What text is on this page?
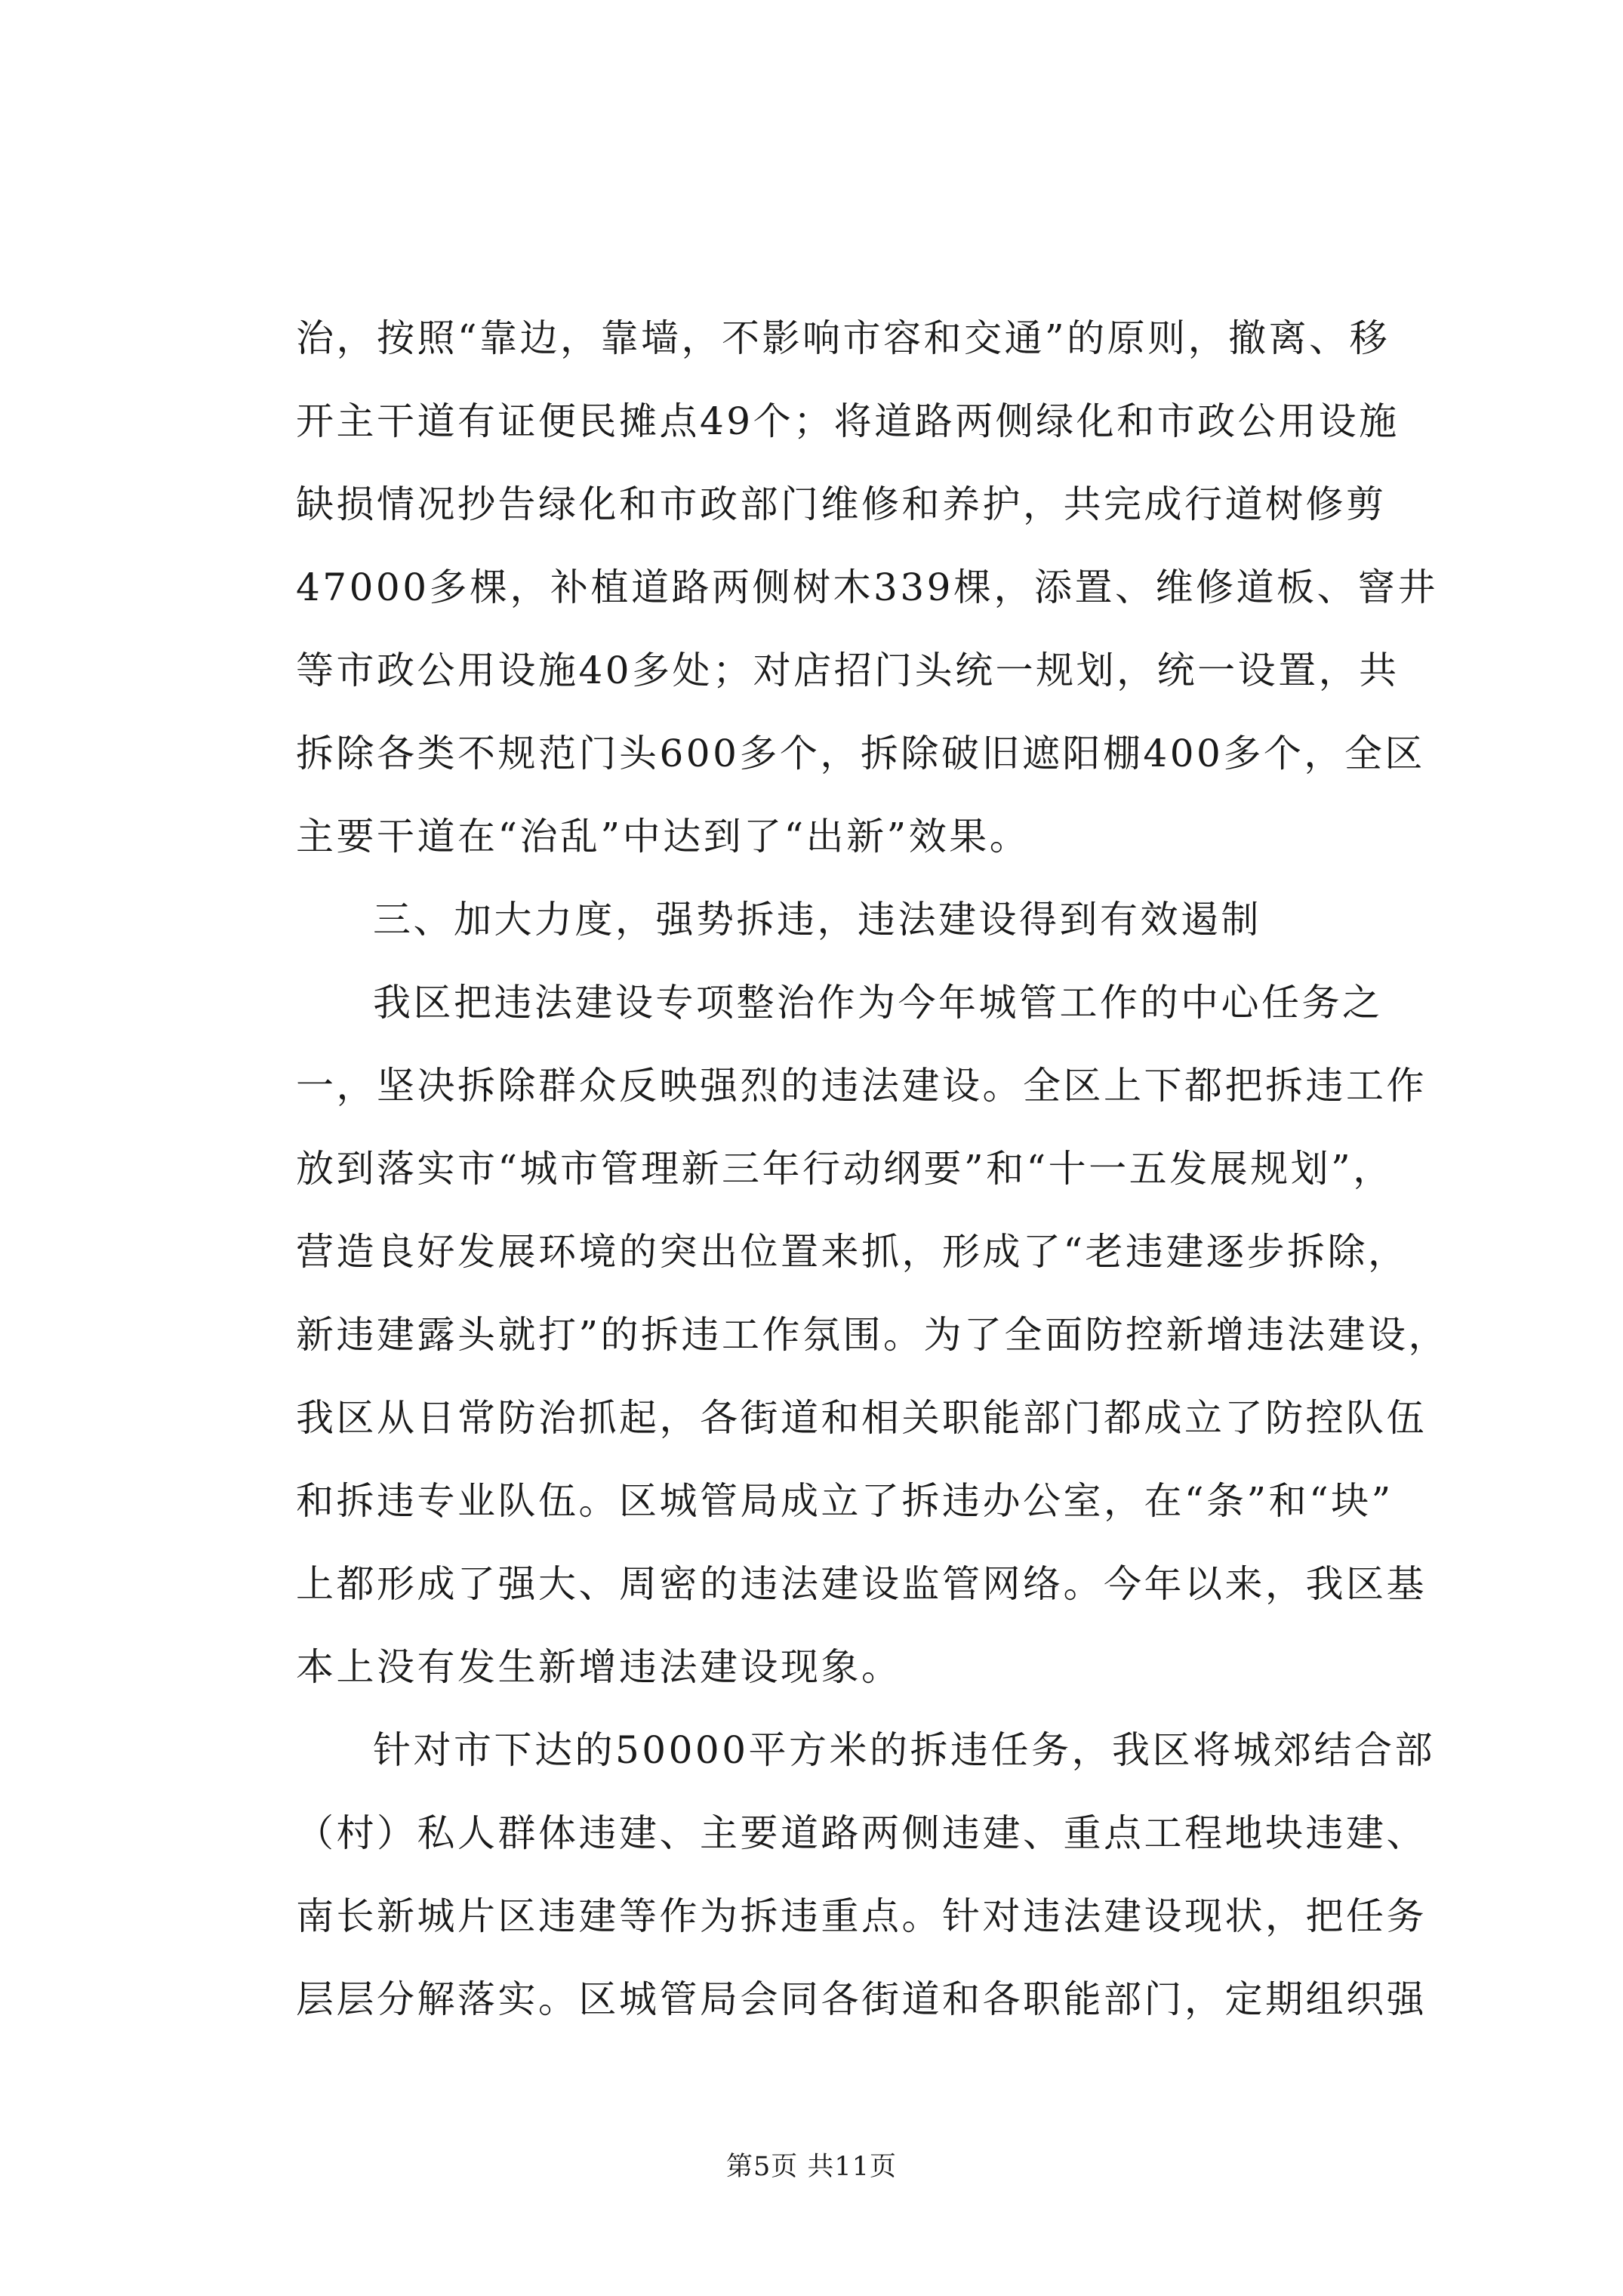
治，按照“靠边，靠墙，不影响市容和交通”的原则，撤离、移
开主干道有证便民摊点49个；将道路两侧绿化和市政公用设施
缺损情况抄告绿化和市政部门维修和养护，共完成行道树修剪
47000多棵，补植道路两侧树木339棵，添置、维修道板、窨井
等市政公用设施40多处；对店招门头统一规划，统一设置，共
拆除各类不规范门头600多个，拆除破旧遮阳棚400多个，全区
主要干道在“治乱”中达到了“出新”效果。
三、加大力度，强势拆违，违法建设得到有效遏制
我区把违法建设专项整治作为今年城管工作的中心任务之
一，坚决拆除群众反映强烈的违法建设。全区上下都把拆违工作
放到落实市“城市管理新三年行动纲要”和“十一五发展规划”，
营造良好发展环境的突出位置来抓，形成了“老违建逐步拆除，
新违建露头就打”的拆违工作氛围。为了全面防控新增违法建设，
我区从日常防治抓起，各街道和相关职能部门都成立了防控队伍
和拆违专业队伍。区城管局成立了拆违办公室，在“条”和“块”
上都形成了强大、周密的违法建设监管网络。今年以来，我区基
本上没有发生新增违法建设现象。
针对市下达的50000平方米的拆违任务，我区将城郊结合部
（村）私人群体违建、主要道路两侧违建、重点工程地块违建、
南长新城片区违建等作为拆违重点。针对违法建设现状，把任务
层层分解落实。区城管局会同各街道和各职能部门，定期组织强
第5页 共11页
